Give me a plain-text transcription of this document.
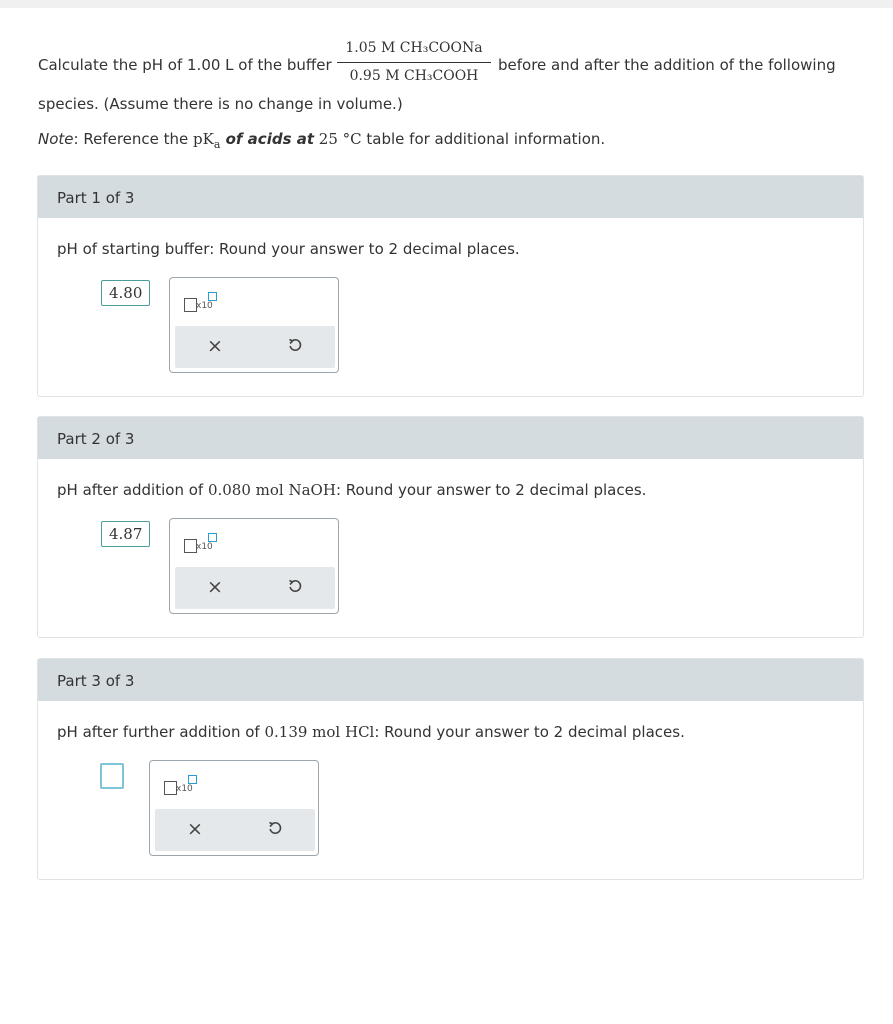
Calculate the pH of 1.00 L of the buffer
1.05 M CH₃COONa
0.95 M CH₃COOH
before and after the addition of the following
species. (Assume there is no change in volume.)
Note: Reference the $pK_a$ of acids at 25 °C table for additional information.
Part 1 of 3
pH of starting buffer: Round your answer to 2 decimal places.
4.80
x10
×
Part 2 of 3
pH after addition of 0.080 mol NaOH: Round your answer to 2 decimal places.
4.87
x10
×
Part 3 of 3
pH after further addition of 0.139 mol HCl: Round your answer to 2 decimal places.
x10
×
